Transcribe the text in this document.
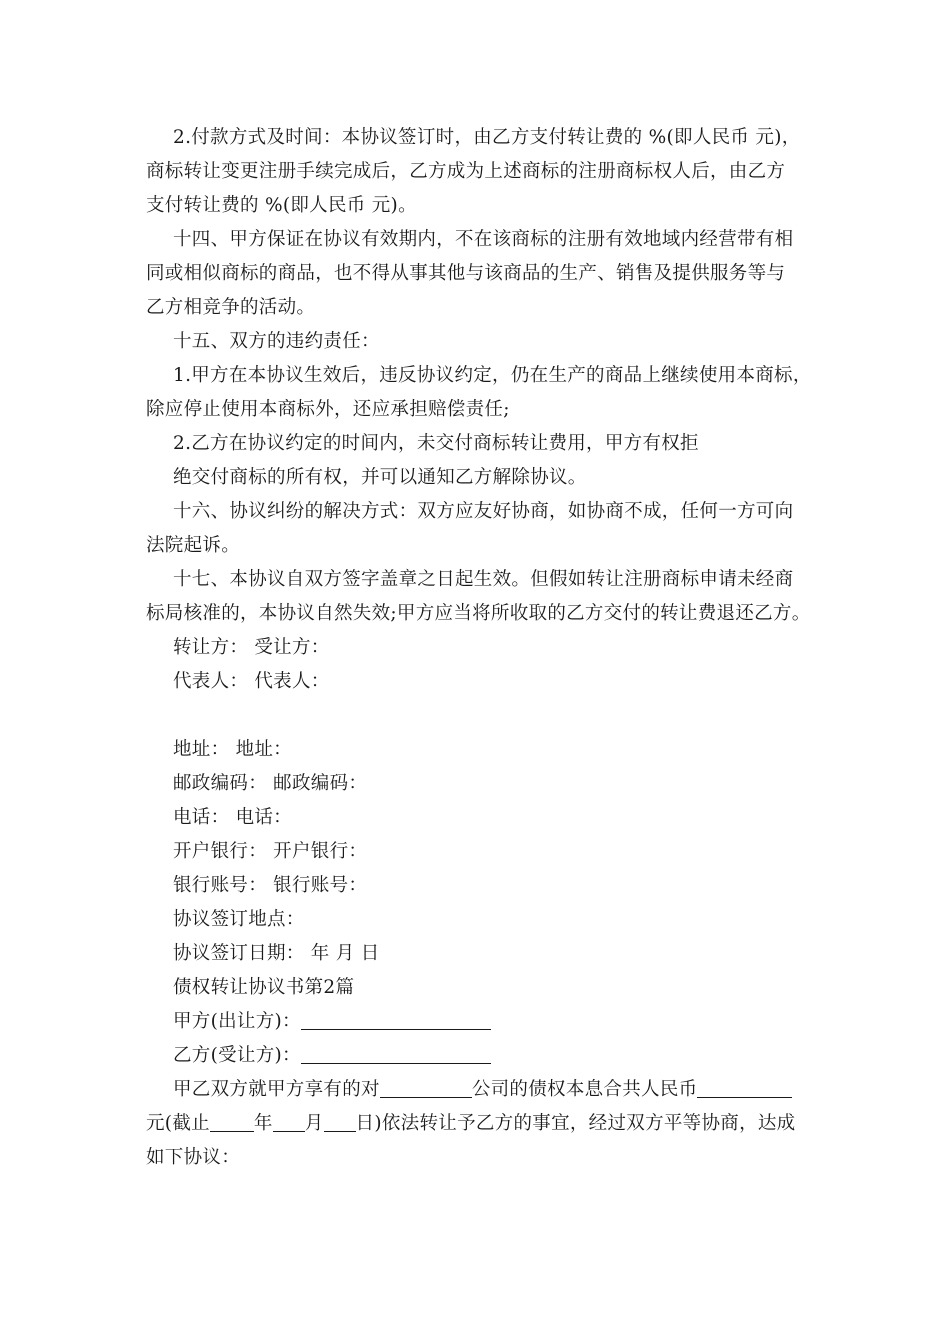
2.付款方式及时间：本协议签订时，由乙方支付转让费的 %(即人民币 元)，
商标转让变更注册手续完成后，乙方成为上述商标的注册商标权人后，由乙方
支付转让费的 %(即人民币 元)。
十四、甲方保证在协议有效期内，不在该商标的注册有效地域内经营带有相
同或相似商标的商品，也不得从事其他与该商品的生产、销售及提供服务等与
乙方相竞争的活动。
十五、双方的违约责任：
1.甲方在本协议生效后，违反协议约定，仍在生产的商品上继续使用本商标，
除应停止使用本商标外，还应承担赔偿责任;
2.乙方在协议约定的时间内，未交付商标转让费用，甲方有权拒
绝交付商标的所有权，并可以通知乙方解除协议。
十六、协议纠纷的解决方式：双方应友好协商，如协商不成，任何一方可向
法院起诉。
十七、本协议自双方签字盖章之日起生效。但假如转让注册商标申请未经商
标局核准的，本协议自然失效;甲方应当将所收取的乙方交付的转让费退还乙方。
转让方： 受让方：
代表人： 代表人：
地址： 地址：
邮政编码： 邮政编码：
电话： 电话：
开户银行： 开户银行：
银行账号： 银行账号：
协议签订地点：
协议签订日期： 年 月 日
债权转让协议书第2篇
甲方(出让方)：
乙方(受让方)：
甲乙双方就甲方享有的对	公司的债权本息合共人民币
元(截止 年 月 日)依法转让予乙方的事宜，经过双方平等协商，达成
如下协议：
